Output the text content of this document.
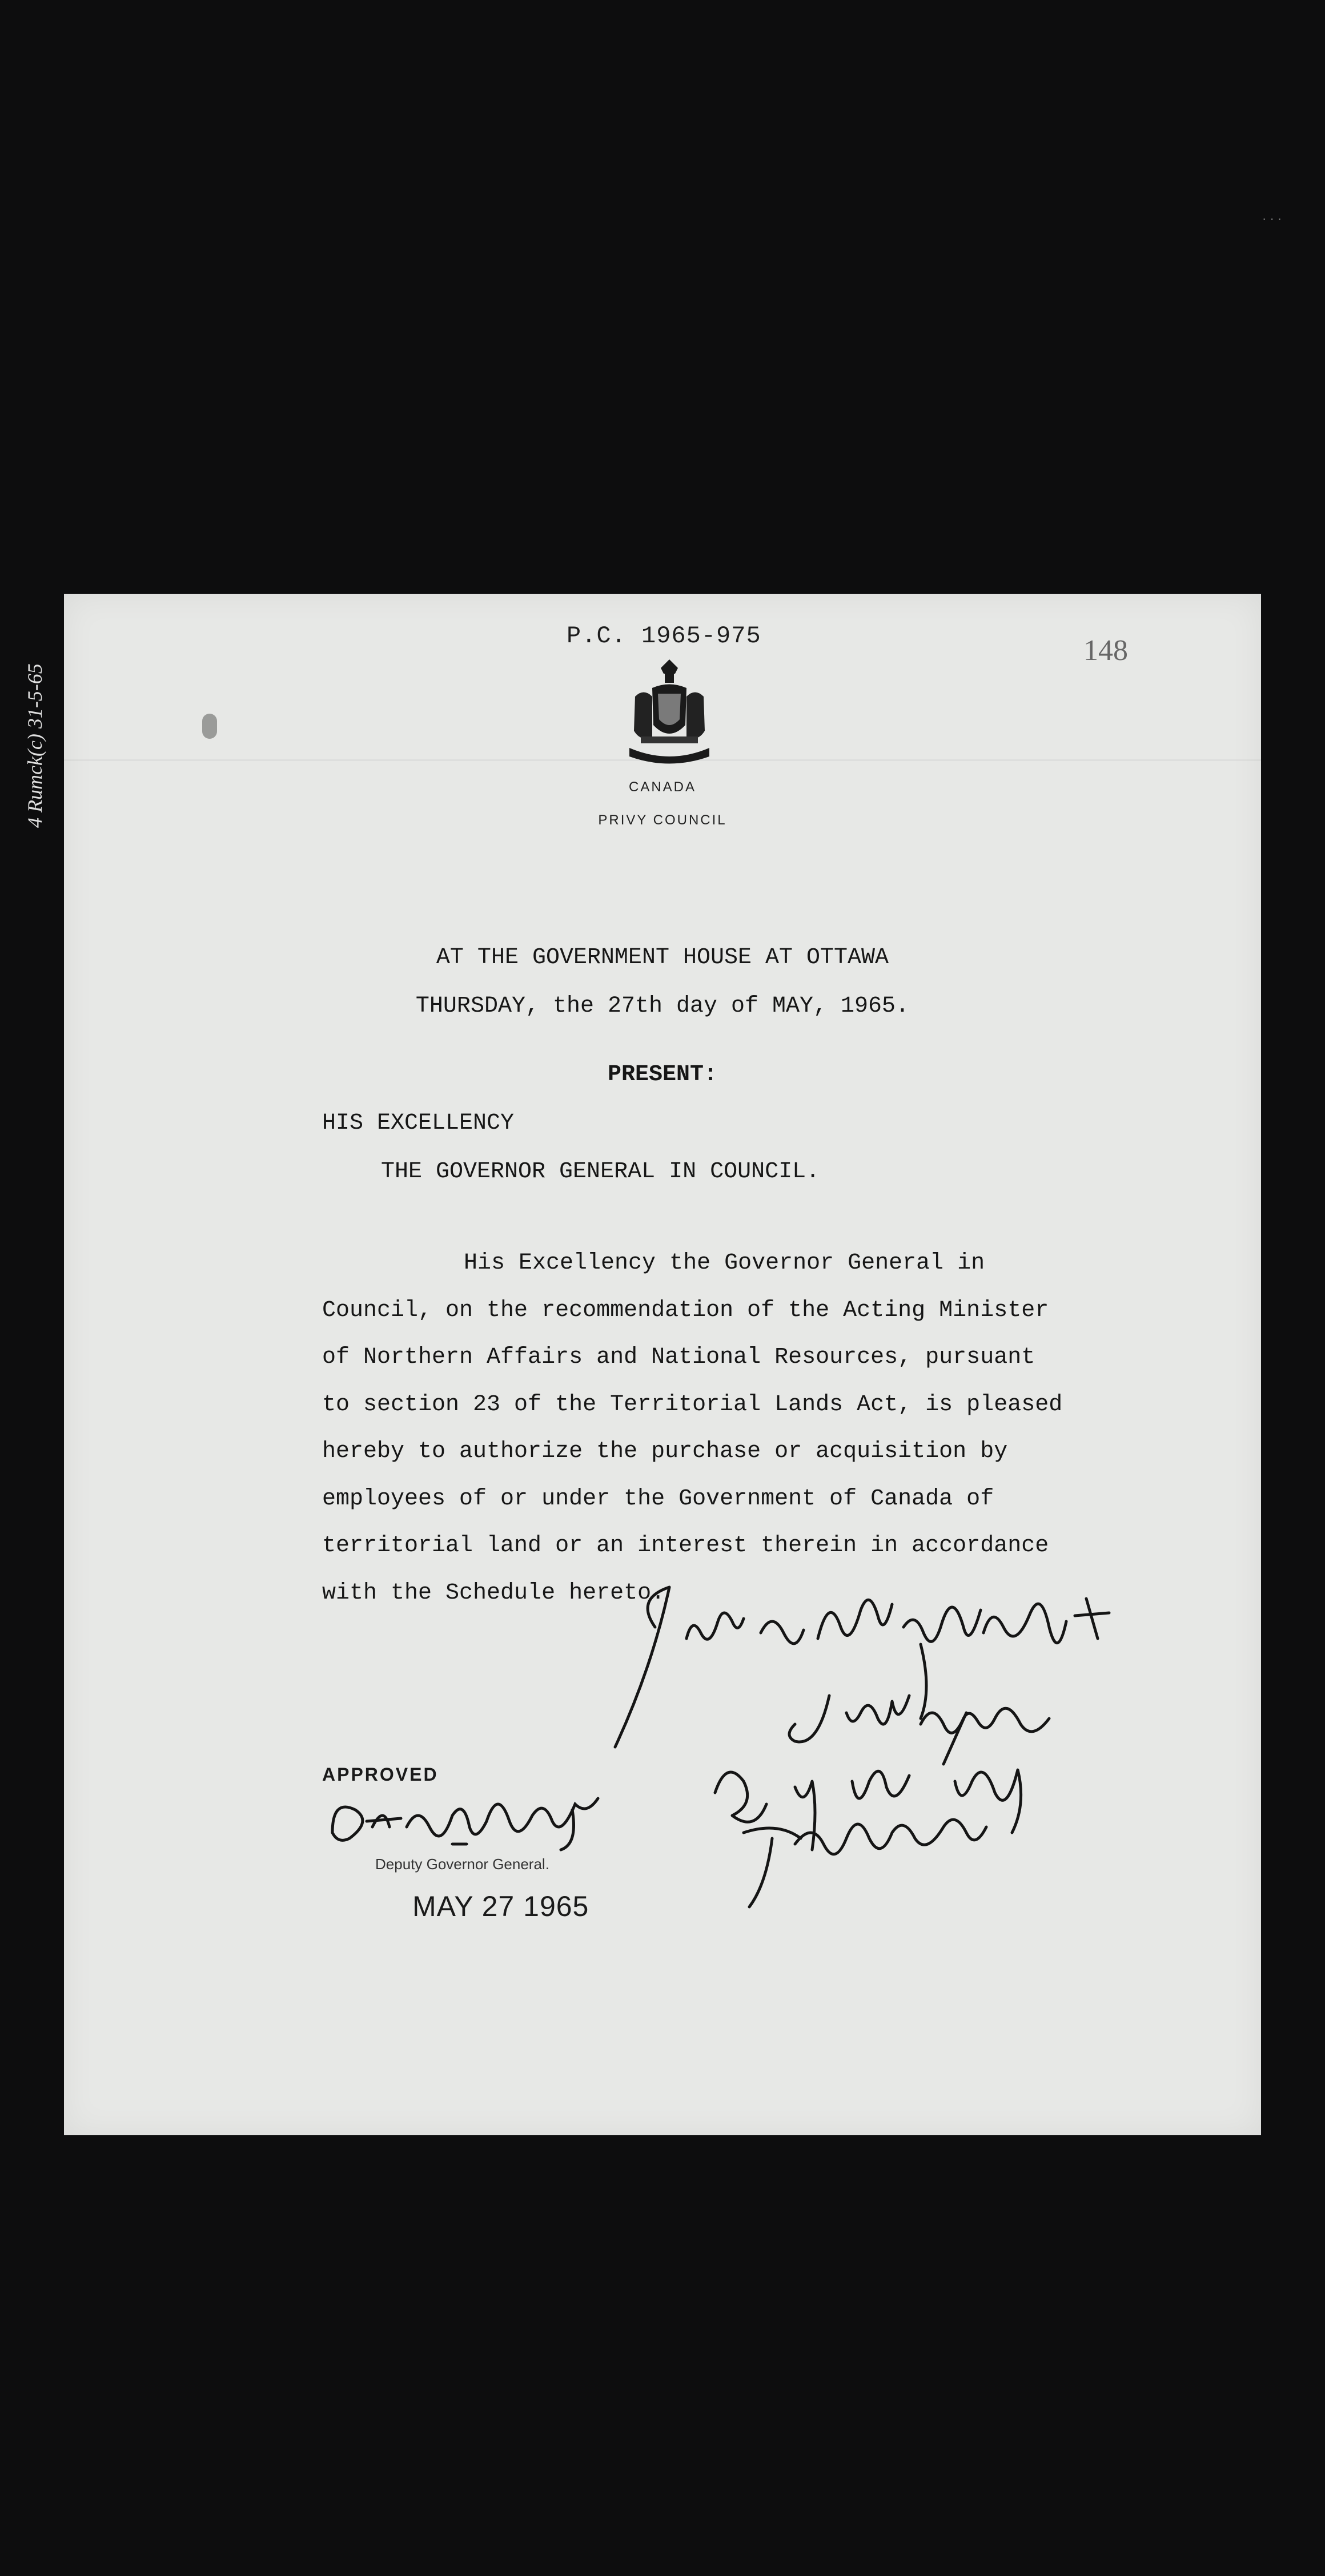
· · ·
4 Rumck(c) 31-5-65
P.C. 1965-975	148
CANADA
PRIVY COUNCIL
AT THE GOVERNMENT HOUSE AT OTTAWA
THURSDAY, the 27th day of MAY, 1965.
PRESENT:
HIS EXCELLENCY
THE GOVERNOR GENERAL IN COUNCIL.
His Excellency the Governor General in
Council, on the recommendation of the Acting Minister
of Northern Affairs and National Resources, pursuant
to section 23 of the Territorial Lands Act, is pleased
hereby to authorize the purchase or acquisition by
employees of or under the Government of Canada of
territorial land or an interest therein in accordance
with the Schedule hereto.
APPROVED
Deputy Governor General.
MAY 27 1965
